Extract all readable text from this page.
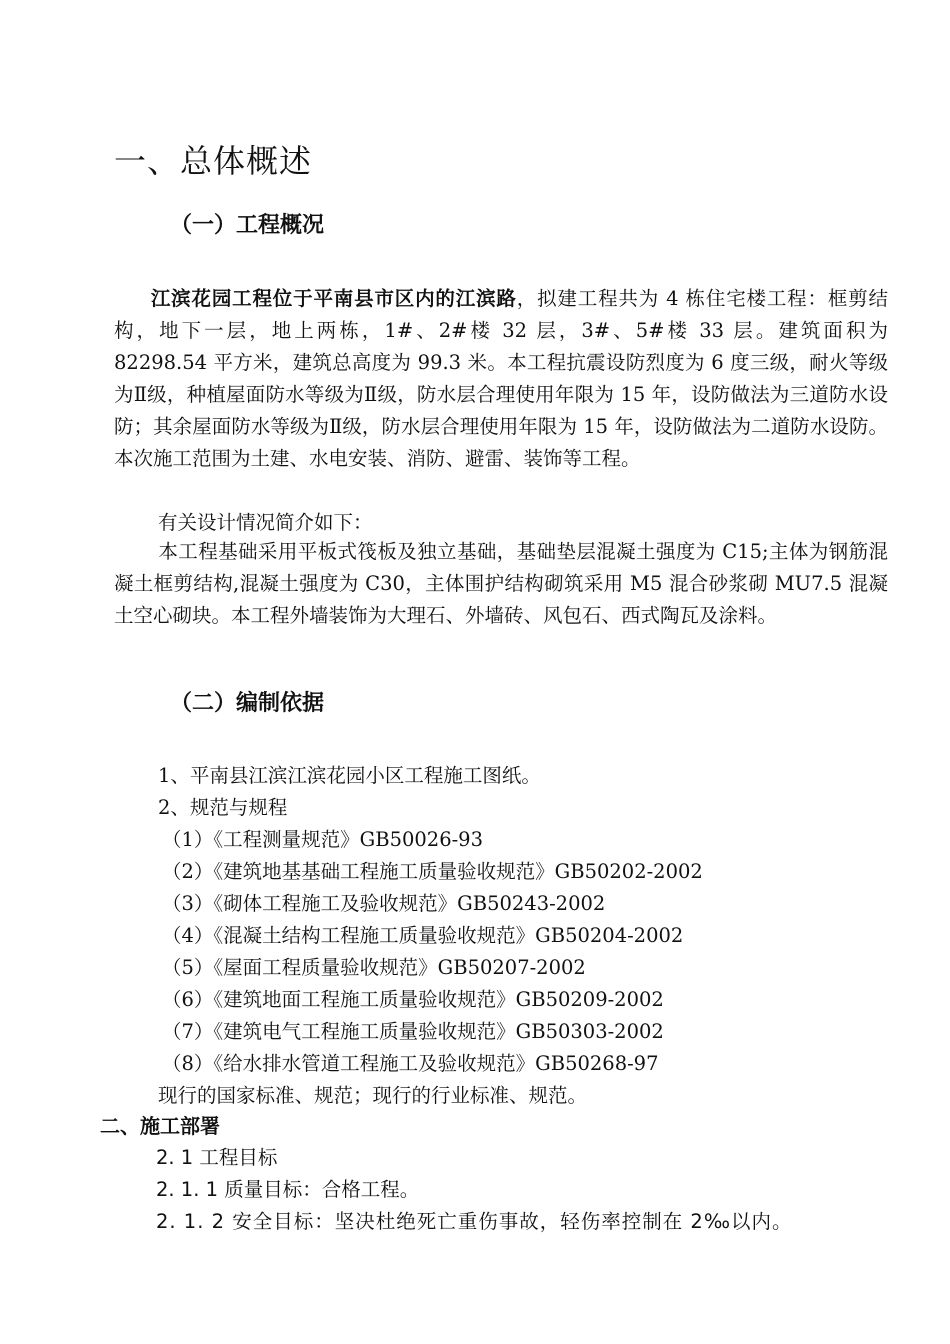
一、总体概述
（一）工程概况
江滨花园工程位于平南县市区内的江滨路，拟建工程共为 4 栋住宅楼工程：框剪结构，地下一层，地上两栋，1#、2#楼 32 层，3#、5#楼 33 层。建筑面积为 82298.54 平方米，建筑总高度为 99.3 米。本工程抗震设防烈度为 6 度三级，耐火等级为Ⅱ级，种植屋面防水等级为Ⅱ级，防水层合理使用年限为 15 年，设防做法为三道防水设防；其余屋面防水等级为Ⅱ级，防水层合理使用年限为 15 年，设防做法为二道防水设防。本次施工范围为土建、水电安装、消防、避雷、装饰等工程。
有关设计情况简介如下：
本工程基础采用平板式筏板及独立基础，基础垫层混凝土强度为 C15;主体为钢筋混凝土框剪结构,混凝土强度为 C30，主体围护结构砌筑采用 M5 混合砂浆砌 MU7.5 混凝土空心砌块。本工程外墙装饰为大理石、外墙砖、风包石、西式陶瓦及涂料。
（二）编制依据
1、平南县江滨江滨花园小区工程施工图纸。
2、规范与规程
（1）《工程测量规范》GB50026-93
（2）《建筑地基基础工程施工质量验收规范》GB50202-2002
（3）《砌体工程施工及验收规范》GB50243-2002
（4）《混凝土结构工程施工质量验收规范》GB50204-2002
（5）《屋面工程质量验收规范》GB50207-2002
（6）《建筑地面工程施工质量验收规范》GB50209-2002
（7）《建筑电气工程施工质量验收规范》GB50303-2002
（8）《给水排水管道工程施工及验收规范》GB50268-97
现行的国家标准、规范；现行的行业标准、规范。
二、施工部署
2. 1 工程目标
2. 1. 1 质量目标：合格工程。
2. 1. 2 安全目标：坚决杜绝死亡重伤事故，轻伤率控制在 2‰以内。
